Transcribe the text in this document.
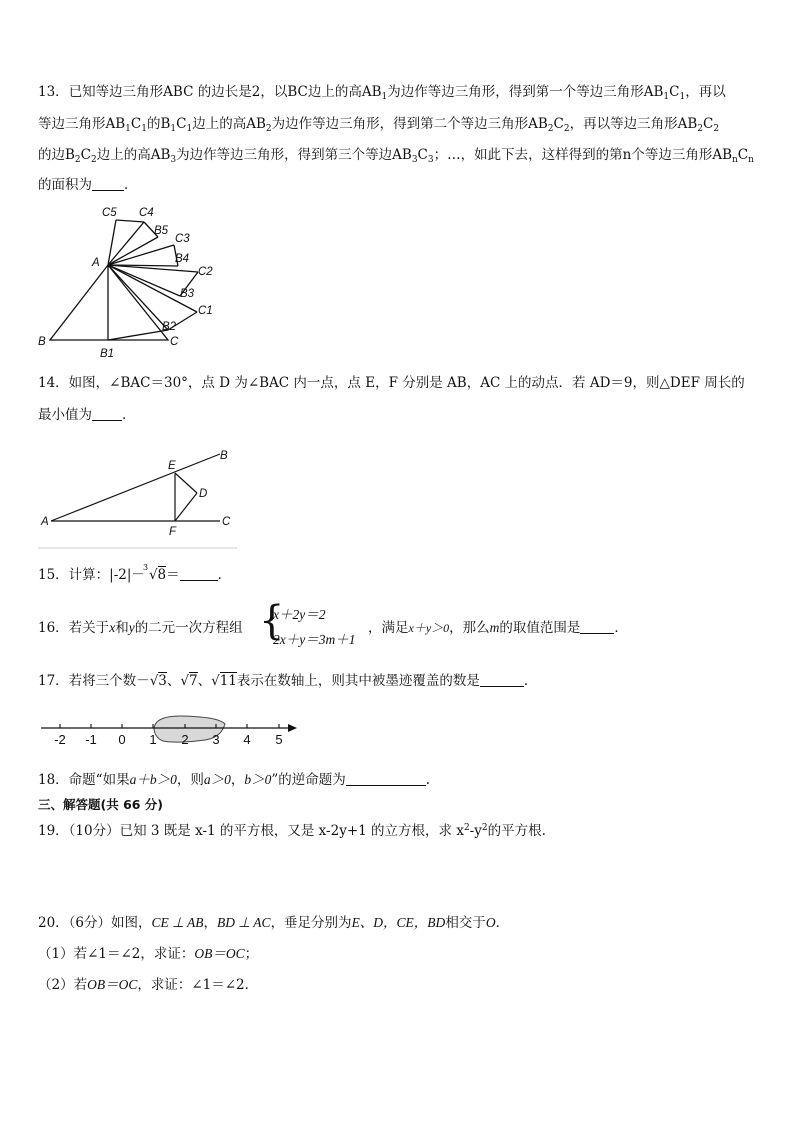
13．已知等边三角形ABC 的边长是2，以BC边上的高$AB_1$为边作等边三角形，得到第一个等边三角形$AB_1C_1$，再以
等边三角形$AB_1C_1$的$B_1C_1$边上的高$AB_2$为边作等边三角形，得到第二个等边三角形$AB_2C_2$，再以等边三角形$AB_2C_2$
的边$B_2C_2$边上的高$AB_3$为边作等边三角形，得到第三个等边$AB_3C_3$；…，如此下去，这样得到的第n个等边三角形$AB_nC_n$
的面积为 ．
C5 C4
B5
C3
A	B4
C2
B3
C1
B2
B
B1
C
14．如图，∠BAC＝30°，点 D 为∠BAC 内一点，点 E，F 分别是 AB，AC 上的动点．若 AD＝9，则△DEF 周长的
最小值为 ．
E
B
D
A
F
C
15．计算：|-2|－
3 √8＝	．
16．若关于x和y的二元一次方程组 {
x＋2y＝2
2x＋y＝3m＋1
，满足x＋y＞0，那么m的取值范围是	．
17．若将三个数－√3、√7、√11表示在数轴上，则其中被墨迹覆盖的数是	．
-2 -1 0 1 2 3 4 5
18．命题“如果a＋b＞0，则a＞0，b＞0”的逆命题为	.
三、解答题(共 66 分)
19．（10分）已知 3 既是 x-1 的平方根，又是 x-2y+1 的立方根，求 $x^2-y^2$的平方根.
20．（6分）如图，CE ⊥ AB，BD ⊥ AC，垂足分别为E、D，CE，BD相交于O．
（1）若∠1＝∠2，求证：OB＝OC；
（2）若OB＝OC，求证：∠1＝∠2．
